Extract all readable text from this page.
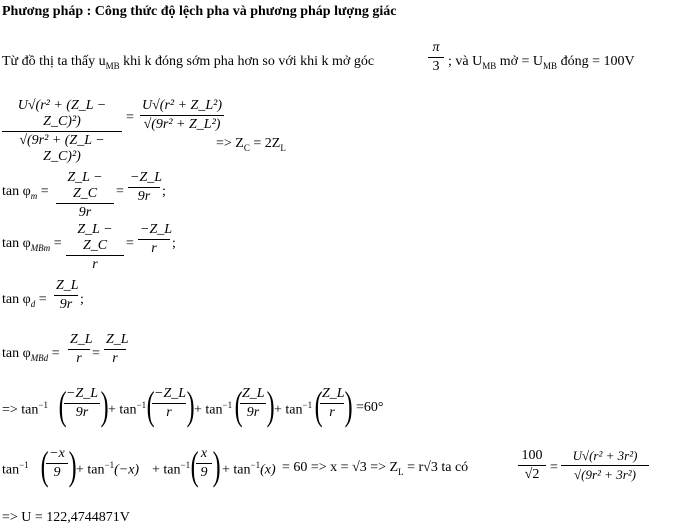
Phương pháp : Công thức độ lệch pha và phương pháp lượng giác
Từ đồ thị ta thấy $u_{MB}$ khi k đóng sớm pha hơn so với khi k mở góc	$\frac{\pi}{3}$ ; và $U_{MB}$ mở = $U_{MB}$ đóng = 100V
$\frac{\text{U√(r² + (Z\_L − Z\_C)²)}}{\text{√(9r² + (Z\_L − Z\_C)²)}} = \frac{\text{U√(r² + Z\_L²)}}{\text{√(9r² + Z\_L²)}}$
=> $Z_C = 2Z_L$
$\tan \varphi_m = \frac{Z\_L - Z\_C}{9r} = \frac{-Z\_L}{9r}$ ;
$\tan \varphi_{MBm} = \frac{Z\_L - Z\_C}{r} = \frac{-Z\_L}{r}$ ;
$\tan \varphi_d = \frac{Z\_L}{9r}$ ;
$\tan \varphi_{MBd} = \frac{Z\_L}{r} = \frac{Z\_L}{r}$
=> $\tan^{-1}$ (
$\frac{-Z\_L}{9r}$ ) + $\tan^{-1}$ (
$\frac{-Z\_L}{r}$ ) + $\tan^{-1}$ (
$\frac{Z\_L}{9r}$ ) + $\tan^{-1}$ (
$\frac{Z\_L}{r}$ ) =60°
$\tan^{-1}$ (
$\frac{-x}{9}$ ) + $\tan^{-1}(-x) + \tan^{-1}$ (
$\frac{x}{9}$ ) + $\tan^{-1}(x) = 60 => x = √3 => Z_L = r√3$ ta có	$\frac{100}{√2} = \frac{\text{U√(r² + 3r²)}}{\text{√(9r² + 3r²)}}$
=> U = 122,4744871V
